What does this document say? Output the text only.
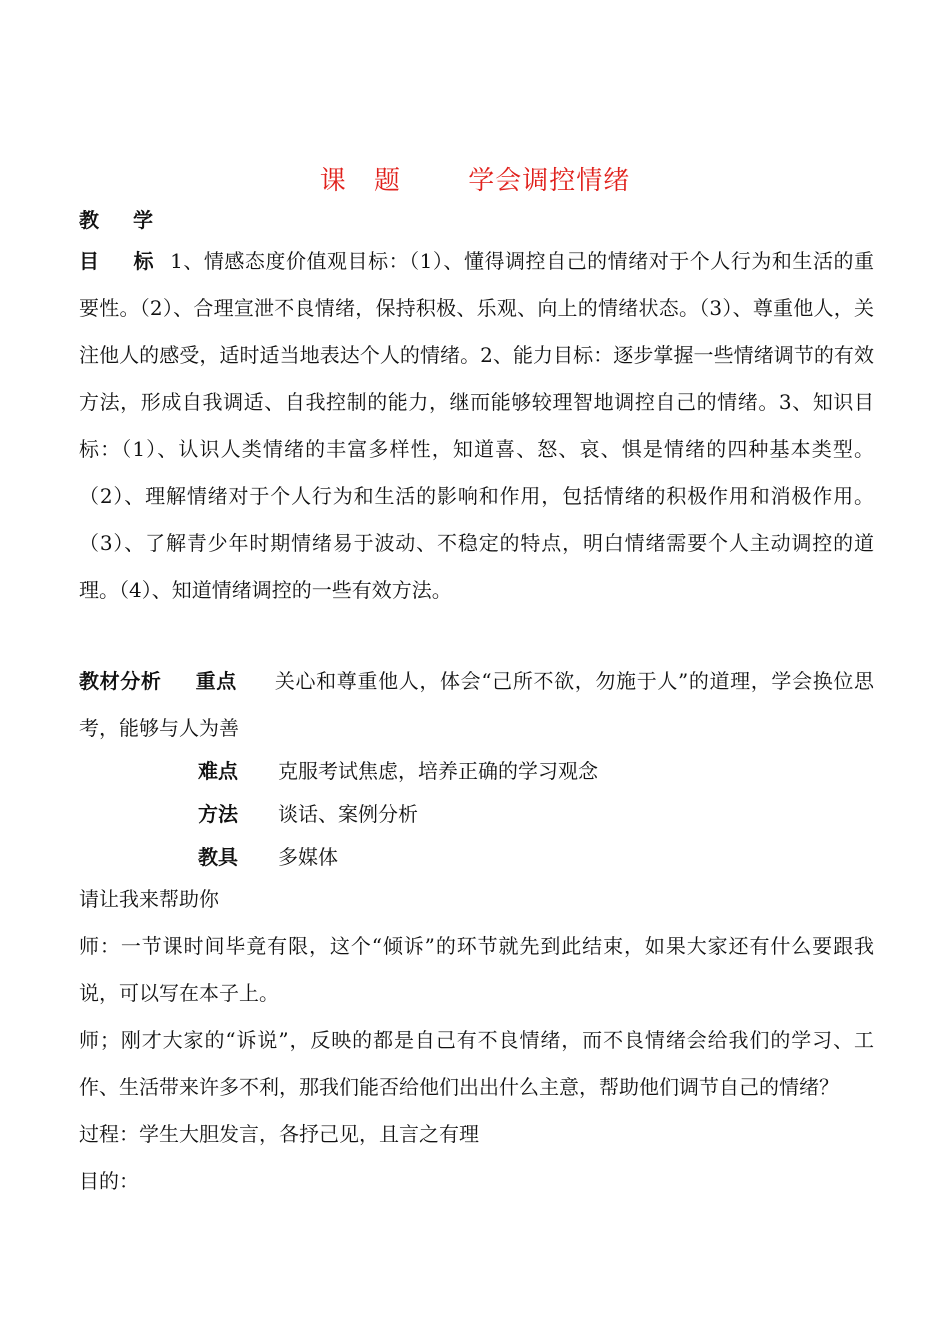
课 题	学会调控情绪
教 学
目 标 1、情感态度价值观目标：（1）、懂得调控自己的情绪对于个人行为和生活的重要性。（2）、合理宣泄不良情绪，保持积极、乐观、向上的情绪状态。（3）、尊重他人，关注他人的感受，适时适当地表达个人的情绪。2、能力目标：逐步掌握一些情绪调节的有效方法，形成自我调适、自我控制的能力，继而能够较理智地调控自己的情绪。3、知识目标：（1）、认识人类情绪的丰富多样性，知道喜、怒、哀、惧是情绪的四种基本类型。（2）、理解情绪对于个人行为和生活的影响和作用，包括情绪的积极作用和消极作用。（3）、了解青少年时期情绪易于波动、不稳定的特点，明白情绪需要个人主动调控的道理。（4）、知道情绪调控的一些有效方法。
教材分析 重点 关心和尊重他人，体会“己所不欲，勿施于人”的道理，学会换位思考，能够与人为善
难点 克服考试焦虑，培养正确的学习观念
方法 谈话、案例分析
教具 多媒体
请让我来帮助你
师：一节课时间毕竟有限，这个“倾诉”的环节就先到此结束，如果大家还有什么要跟我说，可以写在本子上。
师；刚才大家的“诉说”，反映的都是自己有不良情绪，而不良情绪会给我们的学习、工作、生活带来许多不利，那我们能否给他们出出什么主意，帮助他们调节自己的情绪？
过程：学生大胆发言，各抒己见，且言之有理
目的：
